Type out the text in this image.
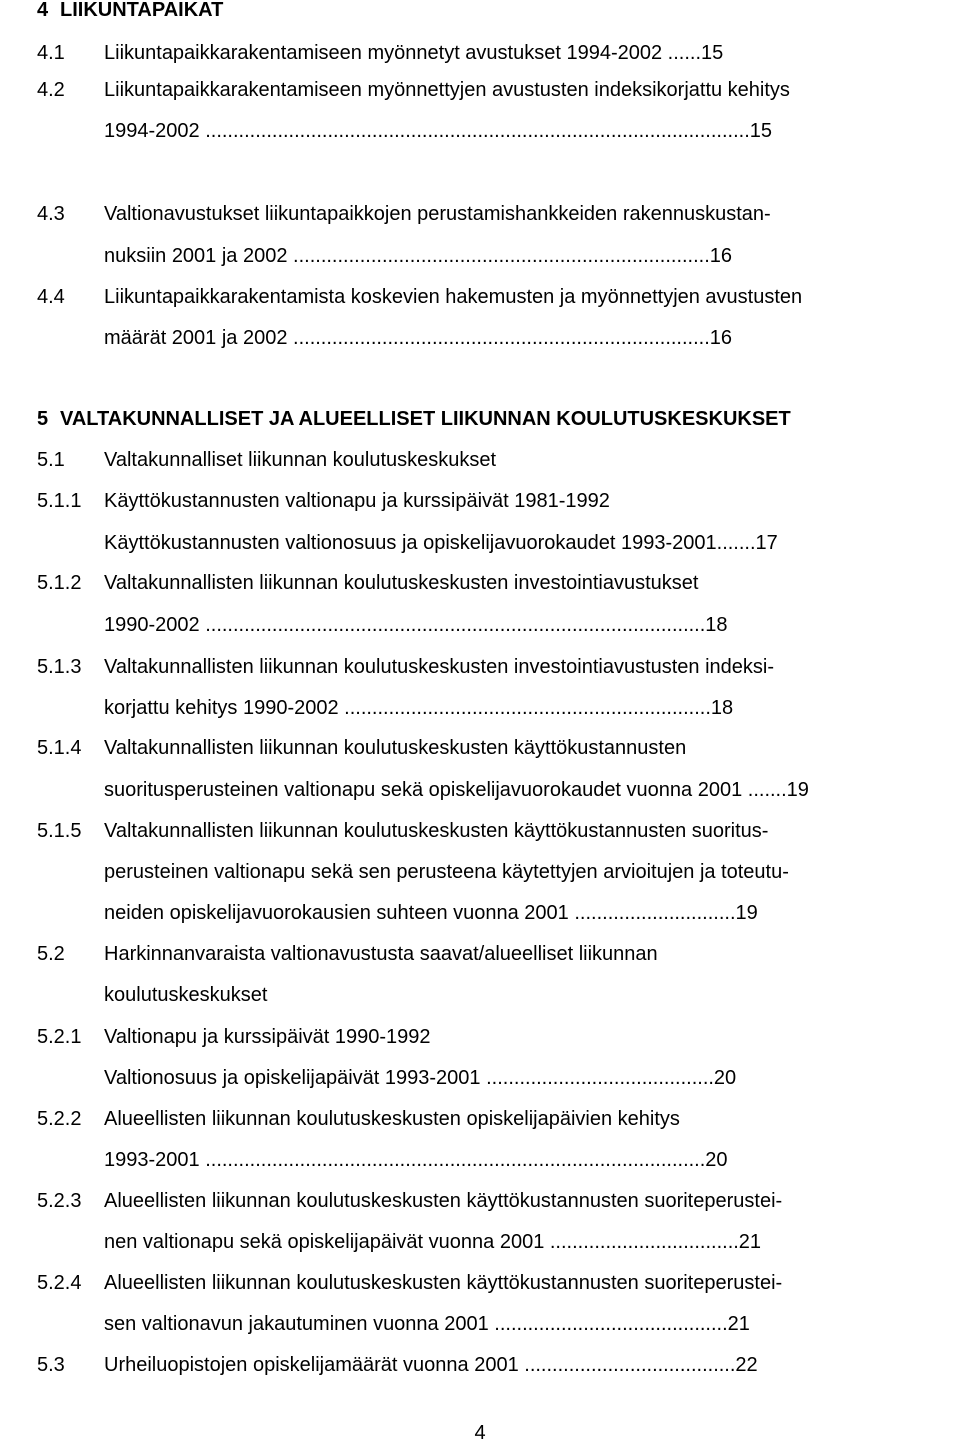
4 LIIKUNTAPAIKAT
4.1 Liikuntapaikkarakentamiseen myönnetyt avustukset 1994-2002 ......15
4.2 Liikuntapaikkarakentamiseen myönnettyjen avustusten indeksikorjattu kehitys
1994-2002 ..................................................................................................15
4.3 Valtionavustukset liikuntapaikkojen perustamishankkeiden rakennuskustan-
nuksiin 2001 ja 2002 ...........................................................................16
4.4 Liikuntapaikkarakentamista koskevien hakemusten ja myönnettyjen avustusten
määrät 2001 ja 2002 ...........................................................................16
5 VALTAKUNNALLISET JA ALUEELLISET LIIKUNNAN KOULUTUSKESKUKSET
5.1 Valtakunnalliset liikunnan koulutuskeskukset
5.1.1 Käyttökustannusten valtionapu ja kurssipäivät 1981-1992
Käyttökustannusten valtionosuus ja opiskelijavuorokaudet 1993-2001.......17
5.1.2 Valtakunnallisten liikunnan koulutuskeskusten investointiavustukset
1990-2002 ..........................................................................................18
5.1.3 Valtakunnallisten liikunnan koulutuskeskusten investointiavustusten indeksi-
korjattu kehitys 1990-2002 ..................................................................18
5.1.4 Valtakunnallisten liikunnan koulutuskeskusten käyttökustannusten
suoritusperusteinen valtionapu sekä opiskelijavuorokaudet vuonna 2001 .......19
5.1.5 Valtakunnallisten liikunnan koulutuskeskusten käyttökustannusten suoritus-
perusteinen valtionapu sekä sen perusteena käytettyjen arvioitujen ja toteutu-
neiden opiskelijavuorokausien suhteen vuonna 2001 .............................19
5.2 Harkinnanvaraista valtionavustusta saavat/alueelliset liikunnan
koulutuskeskukset
5.2.1 Valtionapu ja kurssipäivät 1990-1992
Valtionosuus ja opiskelijapäivät 1993-2001 .........................................20
5.2.2 Alueellisten liikunnan koulutuskeskusten opiskelijapäivien kehitys
1993-2001 ..........................................................................................20
5.2.3 Alueellisten liikunnan koulutuskeskusten käyttökustannusten suoriteperustei-
nen valtionapu sekä opiskelijapäivät vuonna 2001 ..................................21
5.2.4 Alueellisten liikunnan koulutuskeskusten käyttökustannusten suoriteperustei-
sen valtionavun jakautuminen vuonna 2001 ..........................................21
5.3 Urheiluopistojen opiskelijamäärät vuonna 2001 ......................................22
4
